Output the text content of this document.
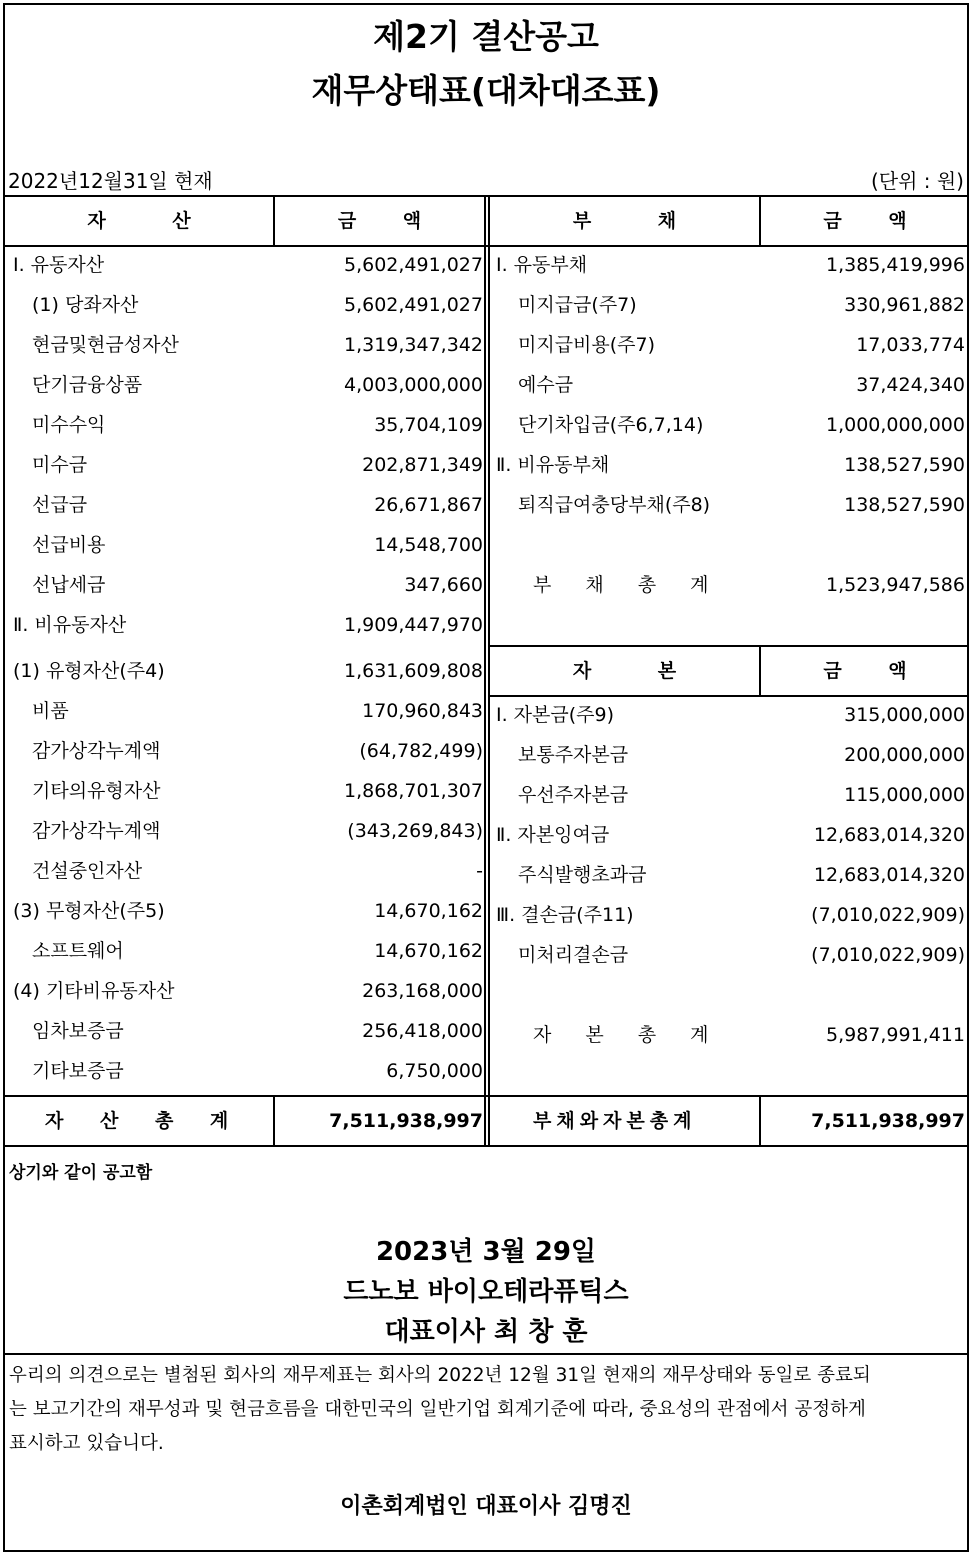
제2기 결산공고
재무상태표(대차대조표)
2022년12월31일 현재	(단위 : 원)
자 산	금 액	부 채	금 액
자 본	금 액
Ⅰ. 유동자산	5,602,491,027
(1) 당좌자산	5,602,491,027
현금및현금성자산	1,319,347,342
단기금융상품	4,003,000,000
미수수익	35,704,109
미수금	202,871,349
선급금	26,671,867
선급비용	14,548,700
선납세금	347,660
Ⅱ. 비유동자산	1,909,447,970
(1) 유형자산(주4)	1,631,609,808
비품	170,960,843
감가상각누계액	(64,782,499)
기타의유형자산	1,868,701,307
감가상각누계액	(343,269,843)
건설중인자산	-
(3) 무형자산(주5)	14,670,162
소프트웨어	14,670,162
(4) 기타비유동자산	263,168,000
임차보증금	256,418,000
기타보증금	6,750,000
Ⅰ. 유동부채	1,385,419,996
미지급금(주7)	330,961,882
미지급비용(주7)	17,033,774
예수금	37,424,340
단기차입금(주6,7,14)	1,000,000,000
Ⅱ. 비유동부채	138,527,590
퇴직급여충당부채(주8)	138,527,590
Ⅰ. 자본금(주9)	315,000,000
보통주자본금	200,000,000
우선주자본금	115,000,000
Ⅱ. 자본잉여금	12,683,014,320
주식발행초과금	12,683,014,320
Ⅲ. 결손금(주11)	(7,010,022,909)
미처리결손금	(7,010,022,909)
부 채 총 계	1,523,947,586
자 본 총 계	5,987,991,411
자 산 총 계	7,511,938,997	부채와자본총계	7,511,938,997
상기와 같이 공고함
2023년 3월 29일
드노보 바이오테라퓨틱스
대표이사 최 창 훈
우리의 의견으로는 별첨된 회사의 재무제표는 회사의 2022년 12월 31일 현재의 재무상태와 동일로 종료되
는 보고기간의 재무성과 및 현금흐름을 대한민국의 일반기업 회계기준에 따라, 중요성의 관점에서 공정하게
표시하고 있습니다.
이촌회계법인 대표이사 김명진
